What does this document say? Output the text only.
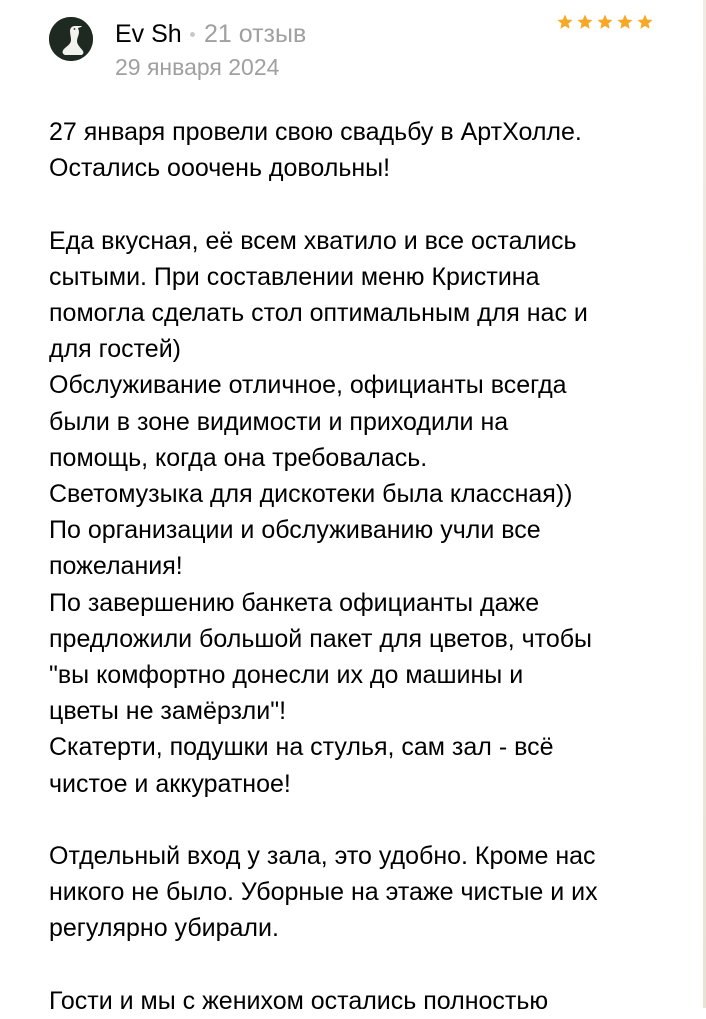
Ev Sh 21 отзыв
29 января 2024

27 января провели свою свадьбу в АртХолле.
Остались ооочень довольны!

Еда вкусная, её всем хватило и все остались
сытыми. При составлении меню Кристина
помогла сделать стол оптимальным для нас и
для гостей)
Обслуживание отличное, официанты всегда
были в зоне видимости и приходили на
помощь, когда она требовалась.
Светомузыка для дискотеки была классная))
По организации и обслуживанию учли все
пожелания!
По завершению банкета официанты даже
предложили большой пакет для цветов, чтобы
"вы комфортно донесли их до машины и
цветы не замёрзли"!
Скатерти, подушки на стулья, сам зал - всё
чистое и аккуратное!

Отдельный вход у зала, это удобно. Кроме нас
никого не было. Уборные на этаже чистые и их
регулярно убирали.

Гости и мы с женихом остались полностью
